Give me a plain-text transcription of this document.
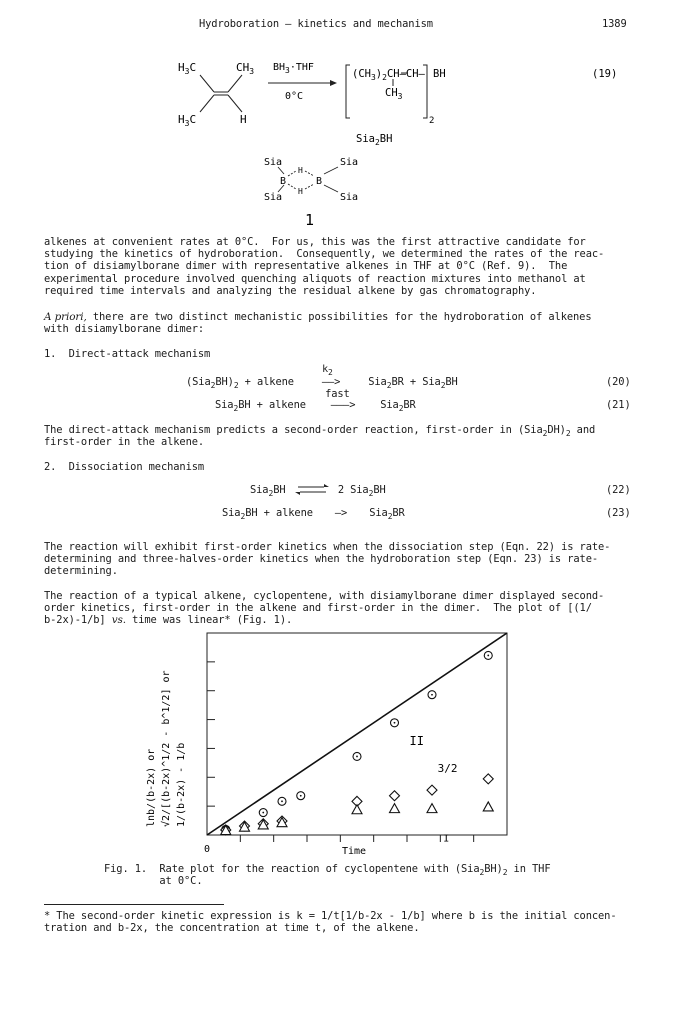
Hydroboration — kinetics and mechanism	1389
$H_3C$	$CH_3$
$H_3C$	H
$BH_3\cdot THF$
0°C
$(CH_3)_2CH-CH-$
$CH_3$
2
BH
Sia$_2$BH
(19)
Sia	Sia
Sia	Sia
H
H
B	B
1
alkenes at convenient rates at 0°C.  For us, this was the first attractive candidate for
studying the kinetics of hydroboration.  Consequently, we determined the rates of the reac-
tion of disiamylborane dimer with representative alkenes in THF at 0°C (Ref. 9).  The
experimental procedure involved quenching aliquots of reaction mixtures into methanol at
required time intervals and analyzing the residual alkene by gas chromatography.
A priori, there are two distinct mechanistic possibilities for the hydroboration of alkenes
with disiamylborane dimer:
1.  Direct-attack mechanism
$(Sia_2BH)_2$ + alkene
$k_2$
——>	Sia$_2$BR + Sia$_2$BH	(20)
Sia$_2$BH + alkene
fast
———> Sia$_2$BR	(21)
The direct-attack mechanism predicts a second-order reaction, first-order in $(Sia_2DH)_2$ and
first-order in the alkene.
2.  Dissociation mechanism
Sia$_2$BH ⇌ 2 Sia$_2$BH	(22)
Sia$_2$BH + alkene —> Sia$_2$BR	(23)
The reaction will exhibit first-order kinetics when the dissociation step (Eqn. 22) is rate-
determining and three-halves-order kinetics when the hydroboration step (Eqn. 23) is rate-
determining.
The reaction of a typical alkene, cyclopentene, with disiamylborane dimer displayed second-
order kinetics, first-order in the alkene and first-order in the dimer.  The plot of [(1/
b-2x)-1/b] vs. time was linear* (Fig. 1).
II
3/2
I
0	Time
lnb/(b-2x) or √2/[(b-2x)^1/2 - b^1/2] or 1/(b-2x) - 1/b
Fig. 1.  Rate plot for the reaction of cyclopentene with $(Sia_2BH)_2$ in THF
at 0°C.
* The second-order kinetic expression is k = 1/t[1/b-2x - 1/b] where b is the initial concen-
tration and b-2x, the concentration at time t, of the alkene.
